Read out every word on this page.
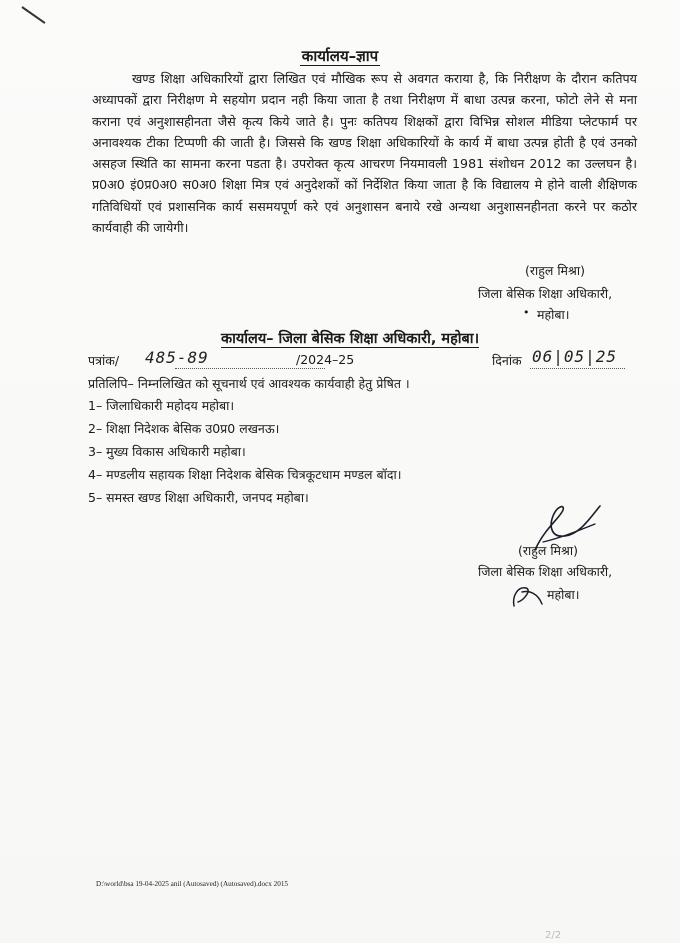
कार्यालय–ज्ञाप
खण्ड शिक्षा अधिकारियों द्वारा लिखित एवं मौखिक रूप से अवगत कराया है, कि निरीक्षण के दौरान कतिपय अध्यापकों द्वारा निरीक्षण मे सहयोग प्रदान नही किया जाता है तथा निरीक्षण में बाधा उत्पन्न करना, फोटो लेने से मना कराना एवं अनुशासहीनता जैसे कृत्य किये जाते है। पुनः कतिपय शिक्षकों द्वारा विभिन्न सोशल मीडिया प्लेटफार्म पर अनावश्यक टीका टिप्पणी की जाती है। जिससे कि खण्ड शिक्षा अधिकारियों के कार्य में बाधा उत्पन्न होती है एवं उनको असहज स्थिति का सामना करना पडता है। उपरोक्त कृत्य आचरण नियमावली 1981 संशोधन 2012 का उल्लघन है। प्र0अ0 इं0प्र0अ0 स0अ0 शिक्षा मित्र एवं अनुदेशकों कों निर्देशित किया जाता है कि विद्यालय मे होने वाली शैक्षिणक गतिविधियों एवं प्रशासनिक कार्य ससमयपूर्ण करे एवं अनुशासन बनाये रखे अन्यथा अनुशासनहीनता करने पर कठोर कार्यवाही की जायेगी।
(राहुल मिश्रा)
जिला बेसिक शिक्षा अधिकारी,
• महोबा।
कार्यालय– जिला बेसिक शिक्षा अधिकारी, महोबा।
पत्रांक/ 485-89	/2024–25	दिनांक 06|05|25
प्रतिलिपि– निम्नलिखित को सूचनार्थ एवं आवश्यक कार्यवाही हेतु प्रेषित ।
1– जिलाधिकारी महोदय महोबा।
2– शिक्षा निदेशक बेसिक उ0प्र0 लखनऊ।
3– मुख्य विकास अधिकारी महोबा।
4– मण्डलीय सहायक शिक्षा निदेशक बेसिक चित्रकूटधाम मण्डल बॉदा।
5– समस्त खण्ड शिक्षा अधिकारी, जनपद महोबा।
(राहुल मिश्रा)
जिला बेसिक शिक्षा अधिकारी,
महोबा।
D:\world\bsa 19-04-2025 anil (Autosaved) (Autosaved).docx 2015
2/2
